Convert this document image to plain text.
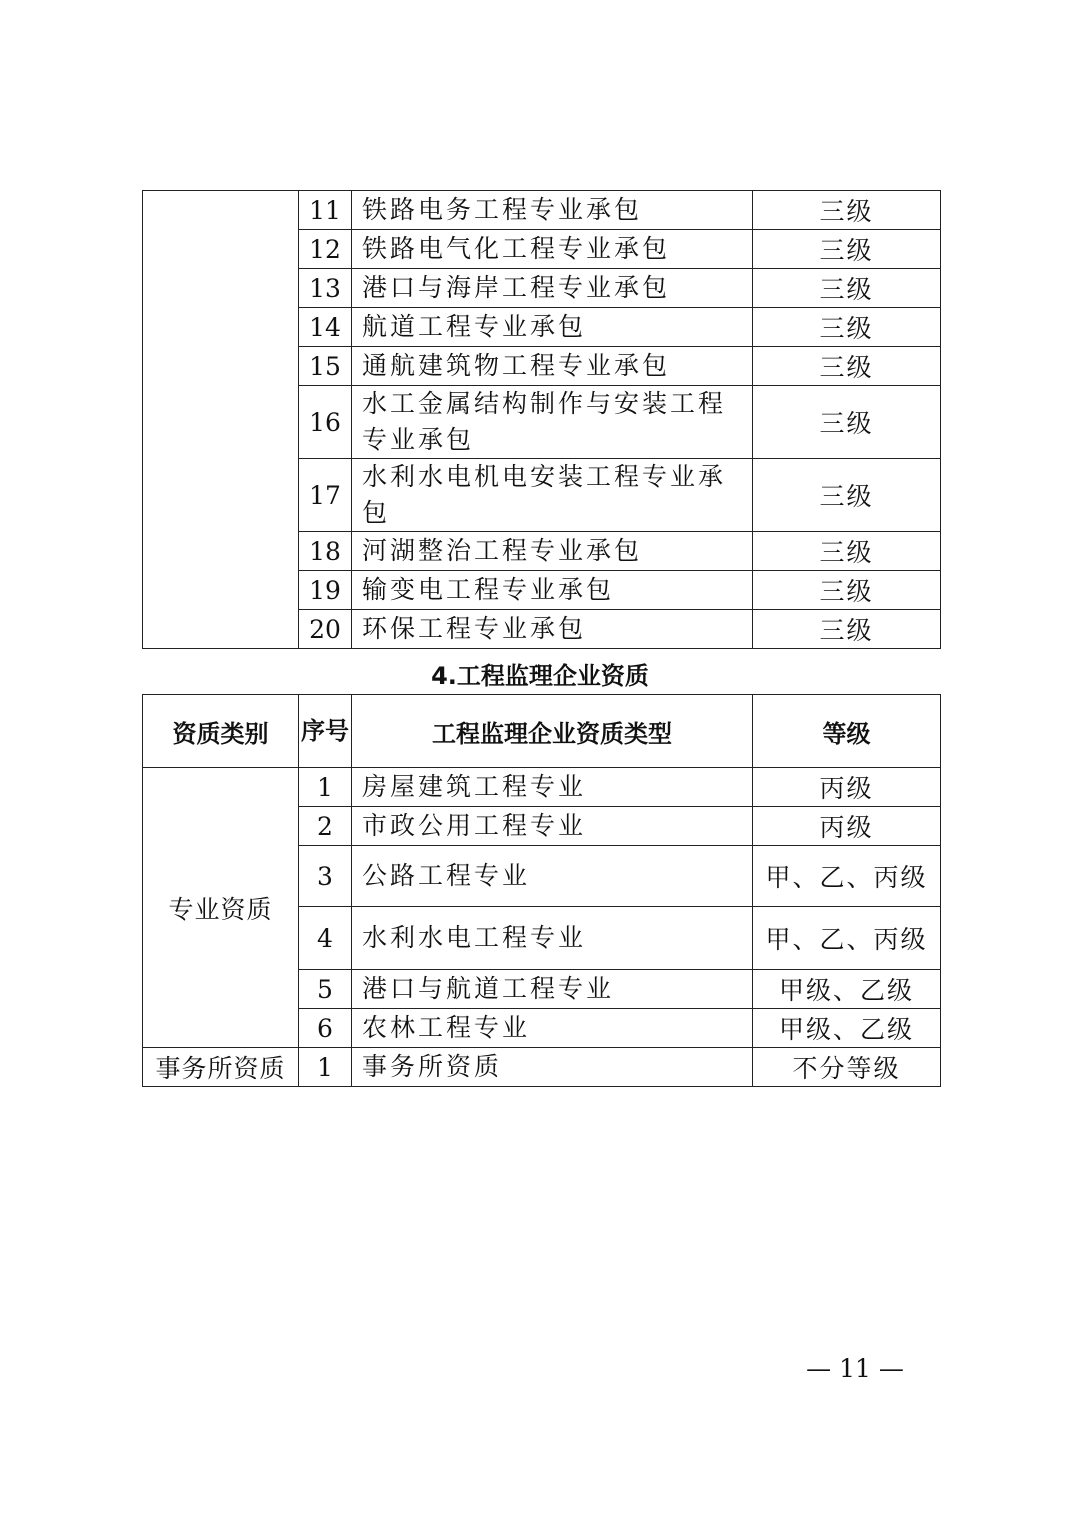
	11	铁路电务工程专业承包	三级
	12	铁路电气化工程专业承包	三级
	13	港口与海岸工程专业承包	三级
	14	航道工程专业承包	三级
	15	通航建筑物工程专业承包	三级
	16	水工金属结构制作与安装工程专业承包	三级
	17	水利水电机电安装工程专业承包	三级
	18	河湖整治工程专业承包	三级
	19	输变电工程专业承包	三级
	20	环保工程专业承包	三级
4.工程监理企业资质
资质类别	序号	工程监理企业资质类型	等级
专业资质	1	房屋建筑工程专业	丙级
	2	市政公用工程专业	丙级
	3	公路工程专业	甲、乙、丙级
	4	水利水电工程专业	甲、乙、丙级
	5	港口与航道工程专业	甲级、乙级
	6	农林工程专业	甲级、乙级
事务所资质	1	事务所资质	不分等级
— 11 —
